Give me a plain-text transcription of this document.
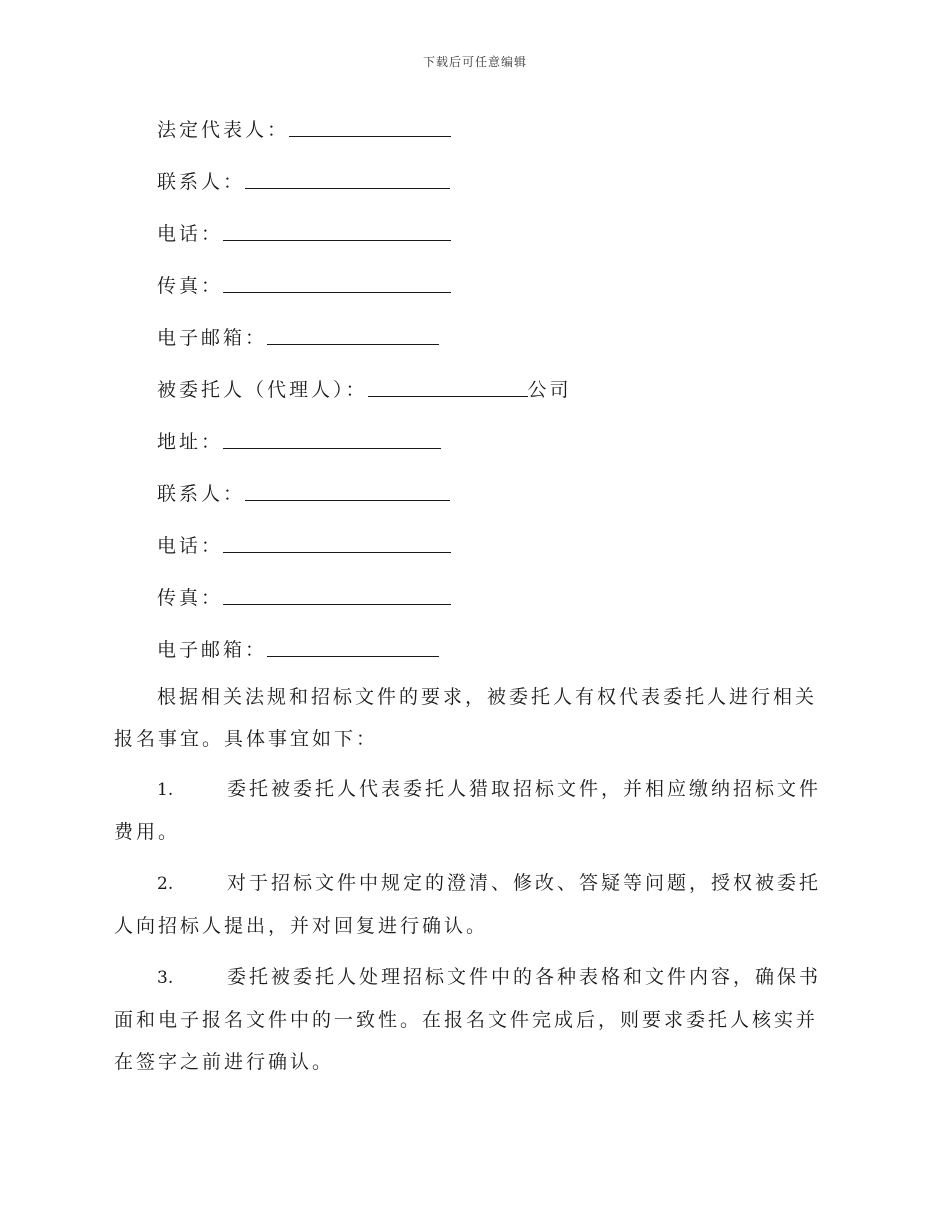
下载后可任意编辑
法定代表人：
联系人：
电话：
传真：
电子邮箱：
被委托人（代理人）：	公司
地址：
联系人：
电话：
传真：
电子邮箱：
根据相关法规和招标文件的要求，被委托人有权代表委托人进行相关报名事宜。具体事宜如下：
1.	委托被委托人代表委托人猎取招标文件，并相应缴纳招标文件费用。
2.	对于招标文件中规定的澄清、修改、答疑等问题，授权被委托人向招标人提出，并对回复进行确认。
3.	委托被委托人处理招标文件中的各种表格和文件内容，确保书面和电子报名文件中的一致性。在报名文件完成后，则要求委托人核实并在签字之前进行确认。
